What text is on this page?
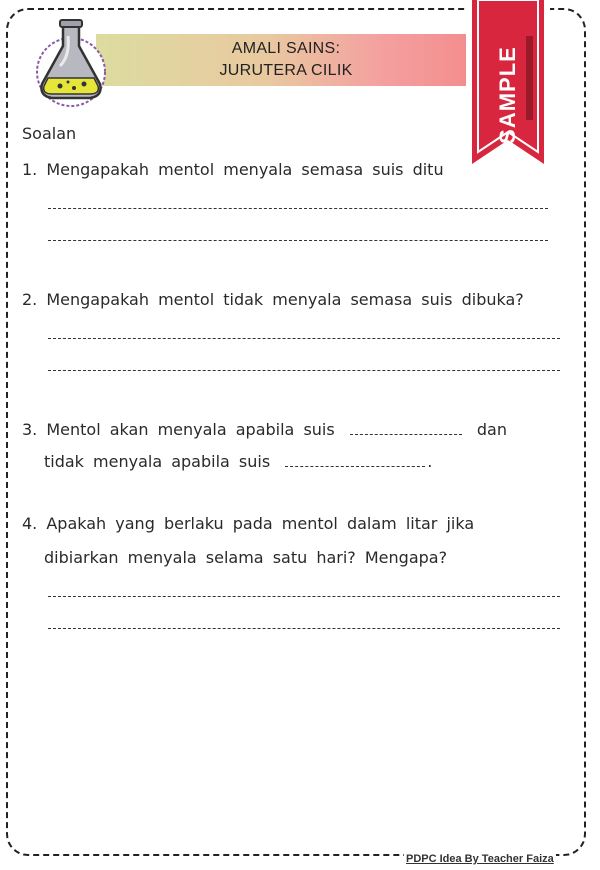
AMALI SAINS:
JURUTERA CILIK	SAMPLE
Soalan
1. Mengapakah mentol menyala semasa suis ditu
2. Mengapakah mentol tidak menyala semasa suis dibuka?
3. Mentol akan menyala apabila suis	dan
tidak menyala apabila suis	.
4. Apakah yang berlaku pada mentol dalam litar jika
dibiarkan menyala selama satu hari? Mengapa?
PDPC Idea By Teacher Faiza
